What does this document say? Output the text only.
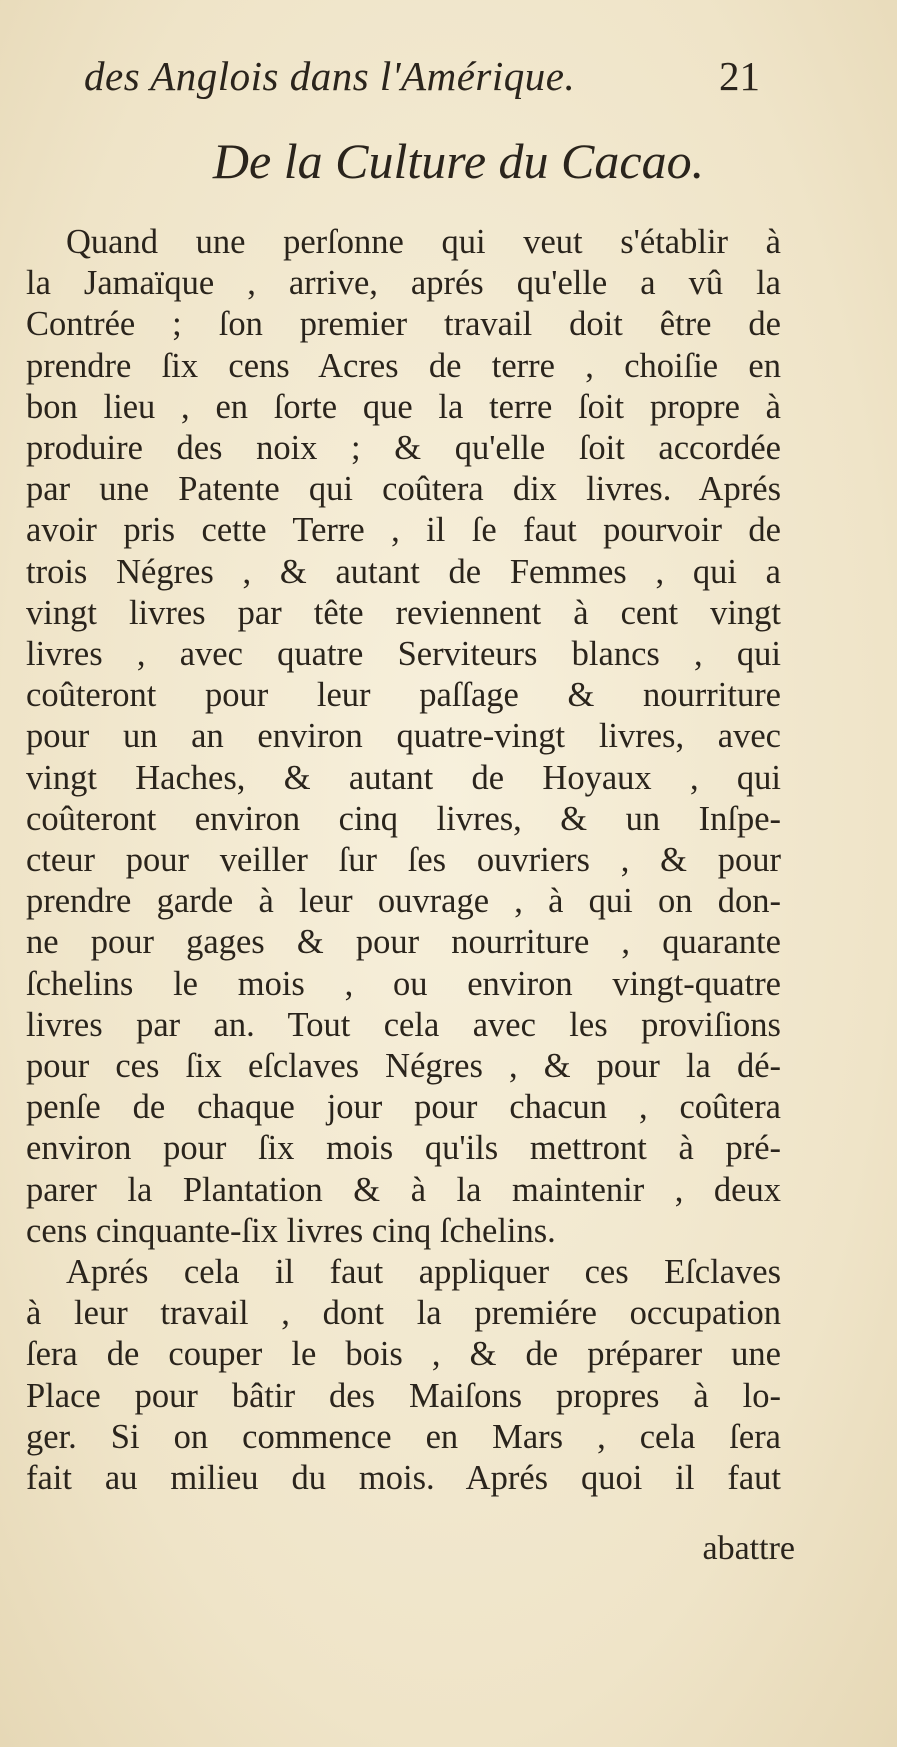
des Anglois dans l'Amérique.	21
De la Culture du Cacao.
Quand une perſonne qui veut s'établir à
la Jamaïque , arrive, aprés qu'elle a vû la
Contrée ; ſon premier travail doit être de
prendre ſix cens Acres de terre , choiſie en
bon lieu , en ſorte que la terre ſoit propre à
produire des noix ; & qu'elle ſoit accordée
par une Patente qui coûtera dix livres. Aprés
avoir pris cette Terre , il ſe faut pourvoir de
trois Négres , & autant de Femmes , qui a
vingt livres par tête reviennent à cent vingt
livres , avec quatre Serviteurs blancs , qui
coûteront pour leur paſſage & nourriture
pour un an environ quatre-vingt livres, avec
vingt Haches, & autant de Hoyaux , qui
coûteront environ cinq livres, & un Inſpe-
cteur pour veiller ſur ſes ouvriers , & pour
prendre garde à leur ouvrage , à qui on don-
ne pour gages & pour nourriture , quarante
ſchelins le mois , ou environ vingt-quatre
livres par an. Tout cela avec les proviſions
pour ces ſix eſclaves Négres , & pour la dé-
penſe de chaque jour pour chacun , coûtera
environ pour ſix mois qu'ils mettront à pré-
parer la Plantation & à la maintenir , deux
cens cinquante-ſix livres cinq ſchelins.
Aprés cela il faut appliquer ces Eſclaves
à leur travail , dont la premiére occupation
ſera de couper le bois , & de préparer une
Place pour bâtir des Maiſons propres à lo-
ger. Si on commence en Mars , cela ſera
fait au milieu du mois. Aprés quoi il faut
abattre
